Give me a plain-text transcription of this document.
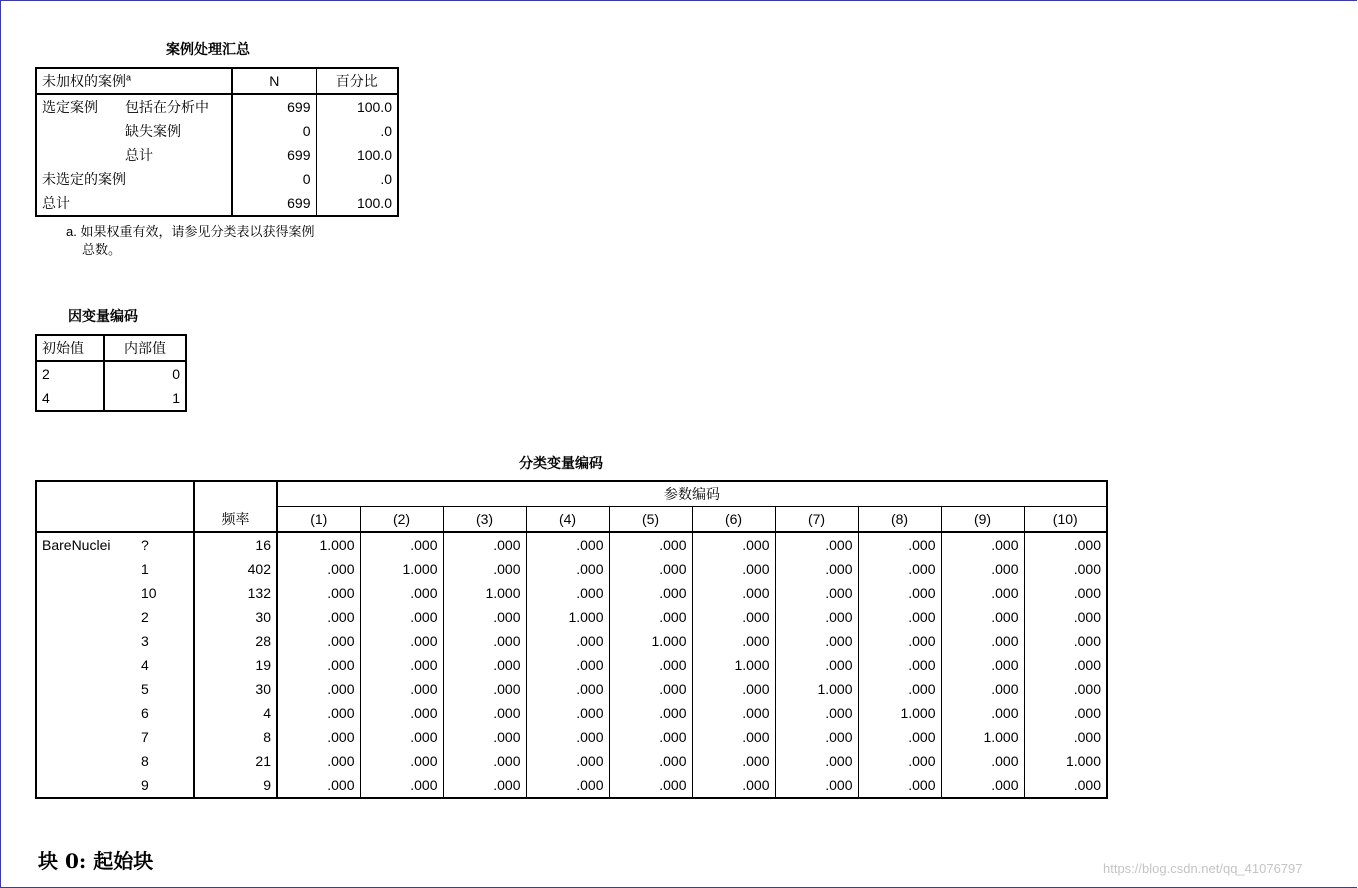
案例处理汇总
未加权的案例$^a$		N	百分比
选定案例	包括在分析中	699	100.0
	缺失案例	0	.0
	总计	699	100.0
未选定的案例		0	.0
总计		699	100.0
a. 如果权重有效，请参见分类表以获得案例
总数。
因变量编码
初始值	内部值
2	0
4	1
分类变量编码
		频率	参数编码									
			(1)	(2)	(3)	(4)	(5)	(6)	(7)	(8)	(9)	(10)
BareNuclei	?	16	1.000	.000	.000	.000	.000	.000	.000	.000	.000	.000
	1	402	.000	1.000	.000	.000	.000	.000	.000	.000	.000	.000
	10	132	.000	.000	1.000	.000	.000	.000	.000	.000	.000	.000
	2	30	.000	.000	.000	1.000	.000	.000	.000	.000	.000	.000
	3	28	.000	.000	.000	.000	1.000	.000	.000	.000	.000	.000
	4	19	.000	.000	.000	.000	.000	1.000	.000	.000	.000	.000
	5	30	.000	.000	.000	.000	.000	.000	1.000	.000	.000	.000
	6	4	.000	.000	.000	.000	.000	.000	.000	1.000	.000	.000
	7	8	.000	.000	.000	.000	.000	.000	.000	.000	1.000	.000
	8	21	.000	.000	.000	.000	.000	.000	.000	.000	.000	1.000
	9	9	.000	.000	.000	.000	.000	.000	.000	.000	.000	.000
块 0: 起始块	https://blog.csdn.net/qq_41076797
